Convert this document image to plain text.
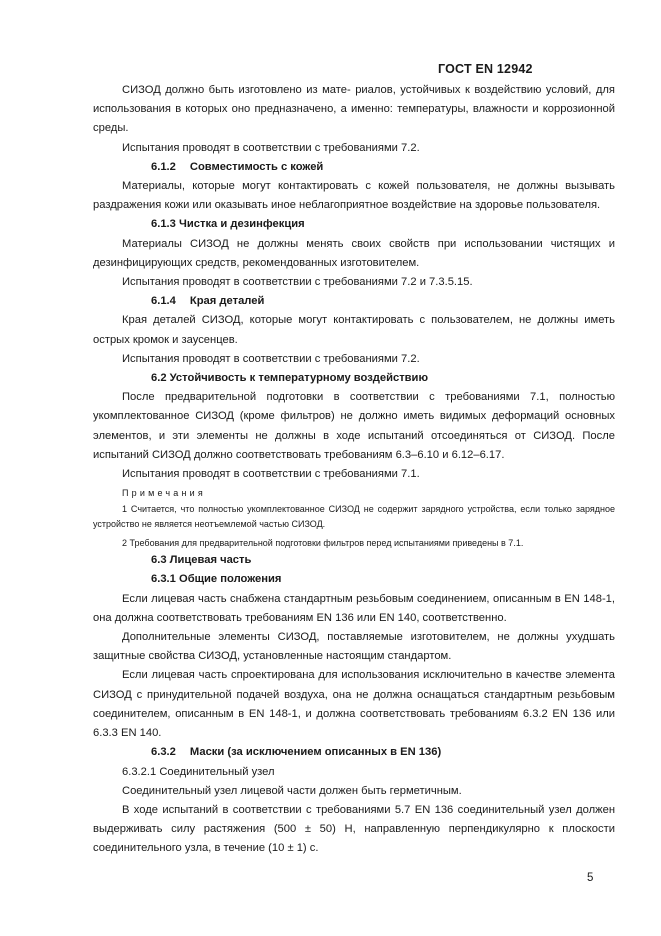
ГОСТ EN 12942

СИЗОД должно быть изготовлено из мате- риалов, устойчивых к воздействию условий, для использования в которых оно предназначено, а именно: температуры, влажности и коррозионной среды.

Испытания проводят в соответствии с требованиями 7.2.

6.1.2 Совместимость с кожей

Материалы, которые могут контактировать с кожей пользователя, не должны вызывать раздражения кожи или оказывать иное неблагоприятное воздействие на здоровье пользователя.

6.1.3 Чистка и дезинфекция

Материалы СИЗОД не должны менять своих свойств при использовании чистящих и дезинфицирующих средств, рекомендованных изготовителем.

Испытания проводят в соответствии с требованиями 7.2 и 7.3.5.15.

6.1.4 Края деталей

Края деталей СИЗОД, которые могут контактировать с пользователем, не должны иметь острых кромок и заусенцев.

Испытания проводят в соответствии с требованиями 7.2.

6.2 Устойчивость к температурному воздействию

После предварительной подготовки в соответствии с требованиями 7.1, полностью укомплектованное СИЗОД (кроме фильтров) не должно иметь видимых деформаций основных элементов, и эти элементы не должны в ходе испытаний отсоединяться от СИЗОД. После испытаний СИЗОД должно соответствовать требованиям 6.3–6.10 и 6.12–6.17.

Испытания проводят в соответствии с требованиями 7.1.

Примечания

1 Считается, что полностью укомплектованное СИЗОД не содержит зарядного устройства, если только зарядное устройство не является неотъемлемой частью СИЗОД.

2 Требования для предварительной подготовки фильтров перед испытаниями приведены в 7.1.

6.3 Лицевая часть

6.3.1 Общие положения

Если лицевая часть снабжена стандартным резьбовым соединением, описанным в EN 148-1, она должна соответствовать требованиям EN 136 или EN 140, соответственно.

Дополнительные элементы СИЗОД, поставляемые изготовителем, не должны ухудшать защитные свойства СИЗОД, установленные настоящим стандартом.

Если лицевая часть спроектирована для использования исключительно в качестве элемента СИЗОД с принудительной подачей воздуха, она не должна оснащаться стандартным резьбовым соединителем, описанным в EN 148-1, и должна соответствовать требованиям 6.3.2 EN 136 или 6.3.3 EN 140.

6.3.2 Маски (за исключением описанных в EN 136)

6.3.2.1 Соединительный узел

Соединительный узел лицевой части должен быть герметичным.

В ходе испытаний в соответствии с требованиями 5.7 EN 136 соединительный узел должен выдерживать силу растяжения (500 ± 50) Н, направленную перпендикулярно к плоскости соединительного узла, в течение (10 ± 1) с.

5
